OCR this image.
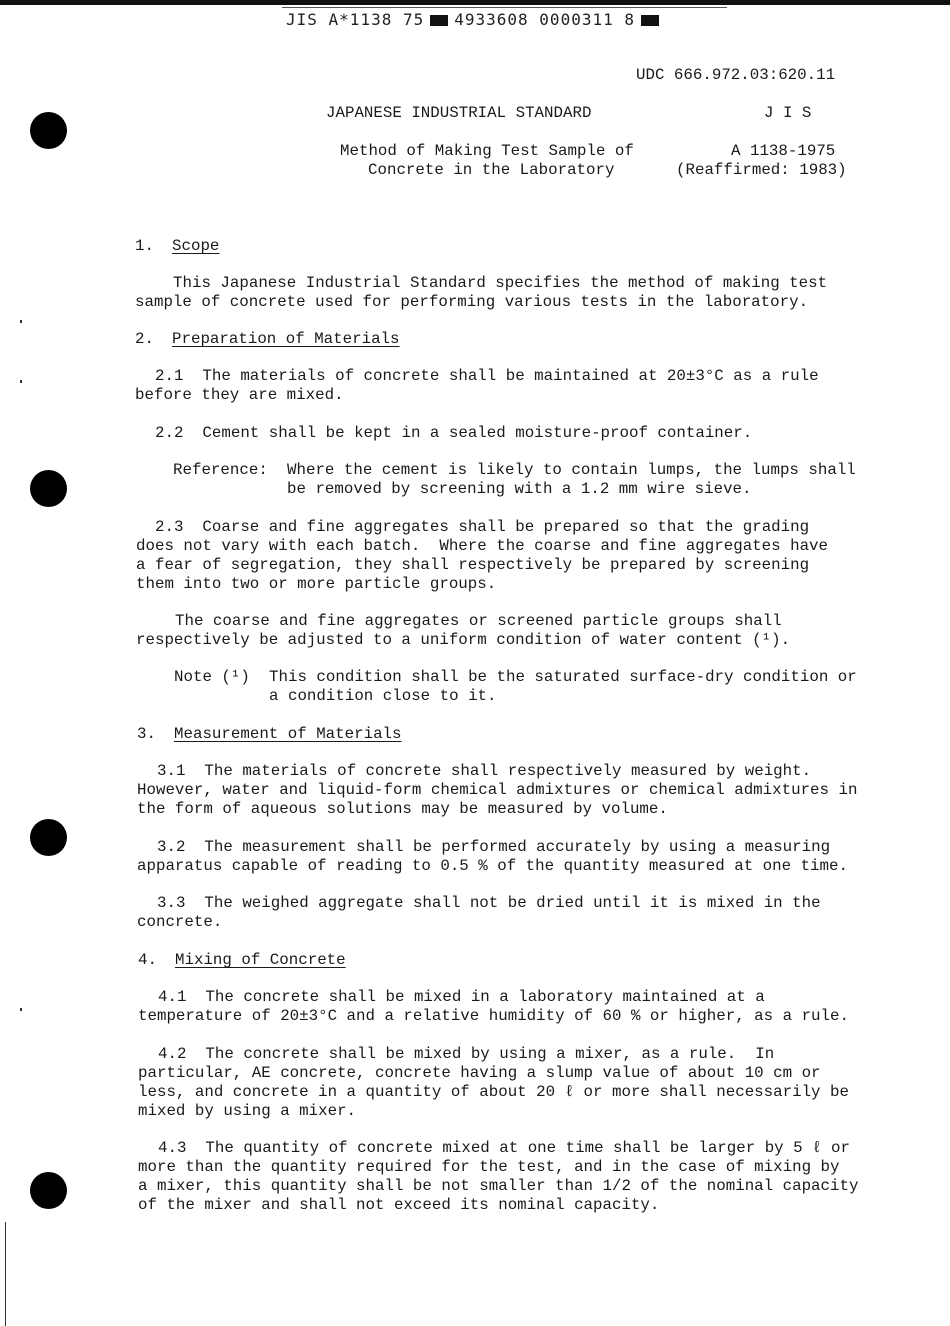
JIS A*1138 75 4933608 0000311 8
UDC 666.972.03:620.11
JAPANESE INDUSTRIAL STANDARD	J I S
Method of Making Test Sample of
Concrete in the Laboratory
A 1138-1975
(Reaffirmed: 1983)
1. Scope
This Japanese Industrial Standard specifies the method of making test
sample of concrete used for performing various tests in the laboratory.
2. Preparation of Materials
2.1  The materials of concrete shall be maintained at 20±3°C as a rule
before they are mixed.
2.2  Cement shall be kept in a sealed moisture-proof container.
Reference: Where the cement is likely to contain lumps, the lumps shall
be removed by screening with a 1.2 mm wire sieve.
2.3  Coarse and fine aggregates shall be prepared so that the grading
does not vary with each batch.  Where the coarse and fine aggregates have
a fear of segregation, they shall respectively be prepared by screening
them into two or more particle groups.
The coarse and fine aggregates or screened particle groups shall
respectively be adjusted to a uniform condition of water content (¹).
Note (¹) This condition shall be the saturated surface-dry condition or
a condition close to it.
3. Measurement of Materials
3.1  The materials of concrete shall respectively measured by weight.
However, water and liquid-form chemical admixtures or chemical admixtures in
the form of aqueous solutions may be measured by volume.
3.2  The measurement shall be performed accurately by using a measuring
apparatus capable of reading to 0.5 % of the quantity measured at one time.
3.3  The weighed aggregate shall not be dried until it is mixed in the
concrete.
4. Mixing of Concrete
4.1  The concrete shall be mixed in a laboratory maintained at a
temperature of 20±3°C and a relative humidity of 60 % or higher, as a rule.
4.2  The concrete shall be mixed by using a mixer, as a rule.  In
particular, AE concrete, concrete having a slump value of about 10 cm or
less, and concrete in a quantity of about 20 ℓ or more shall necessarily be
mixed by using a mixer.
4.3  The quantity of concrete mixed at one time shall be larger by 5 ℓ or
more than the quantity required for the test, and in the case of mixing by
a mixer, this quantity shall be not smaller than 1/2 of the nominal capacity
of the mixer and shall not exceed its nominal capacity.
